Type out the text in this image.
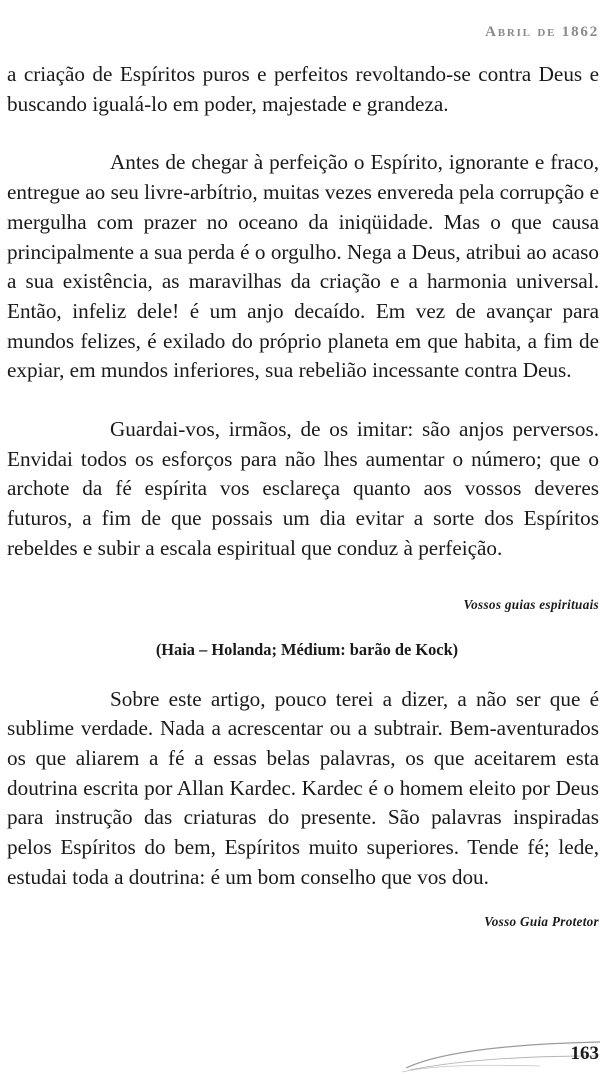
Abril de 1862

a criação de Espíritos puros e perfeitos revoltando-se contra Deus e buscando igualá-lo em poder, majestade e grandeza.

Antes de chegar à perfeição o Espírito, ignorante e fraco, entregue ao seu livre-arbítrio, muitas vezes envereda pela corrupção e mergulha com prazer no oceano da iniqüidade. Mas o que causa principalmente a sua perda é o orgulho. Nega a Deus, atribui ao acaso a sua existência, as maravilhas da criação e a harmonia universal. Então, infeliz dele! é um anjo decaído. Em vez de avançar para mundos felizes, é exilado do próprio planeta em que habita, a fim de expiar, em mundos inferiores, sua rebelião incessante contra Deus.

Guardai-vos, irmãos, de os imitar: são anjos perversos. Envidai todos os esforços para não lhes aumentar o número; que o archote da fé espírita vos esclareça quanto aos vossos deveres futuros, a fim de que possais um dia evitar a sorte dos Espíritos rebeldes e subir a escala espiritual que conduz à perfeição.

Vossos guias espirituais
(Haia – Holanda; Médium: barão de Kock)

Sobre este artigo, pouco terei a dizer, a não ser que é sublime verdade. Nada a acrescentar ou a subtrair. Bem-aventurados os que aliarem a fé a essas belas palavras, os que aceitarem esta doutrina escrita por Allan Kardec. Kardec é o homem eleito por Deus para instrução das criaturas do presente. São palavras inspiradas pelos Espíritos do bem, Espíritos muito superiores. Tende fé; lede, estudai toda a doutrina: é um bom conselho que vos dou.

Vosso Guia Protetor
163
